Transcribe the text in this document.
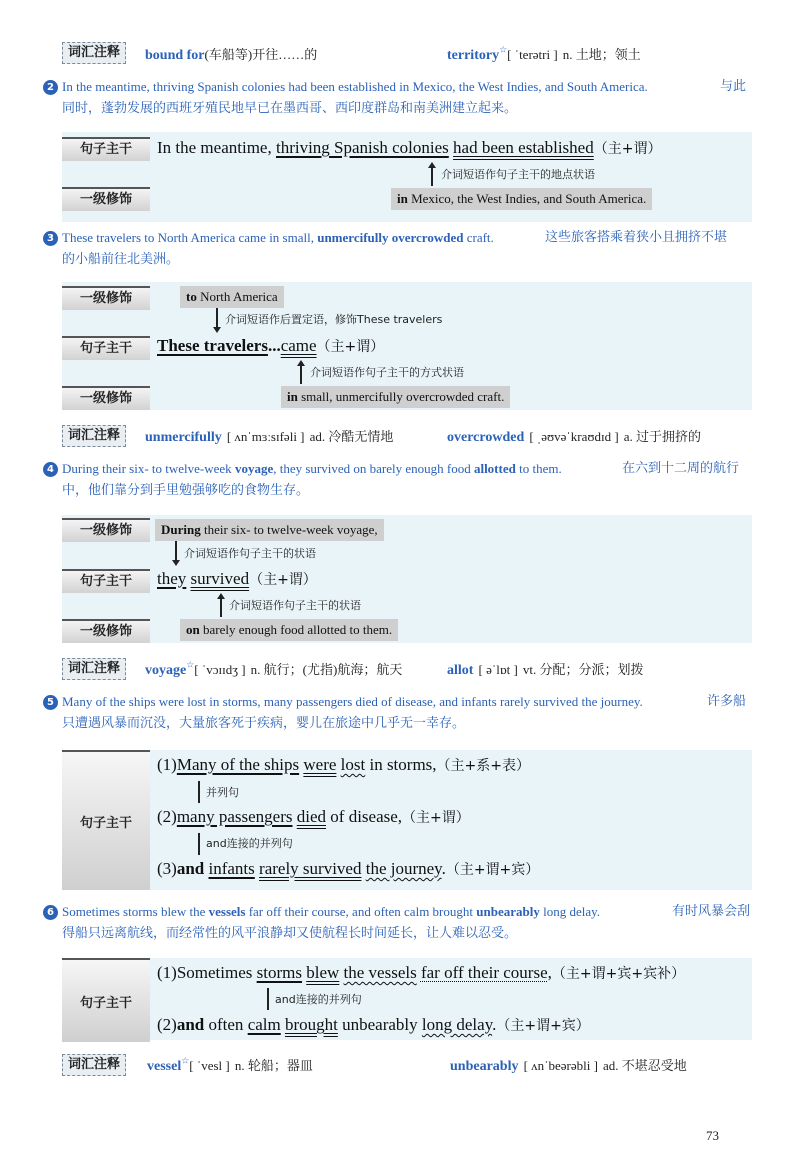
词汇注释	bound for(车船等)开往……的	territory☆[ ˈterətri ] n. 土地；领土
2 In the meantime, thriving Spanish colonies had been established in Mexico, the West Indies, and South America.	与此
同时，蓬勃发展的西班牙殖民地早已在墨西哥、西印度群岛和南美洲建立起来。
句子主干	In the meantime, thriving Spanish colonies had been established（主+谓）
介词短语作句子主干的地点状语
一级修饰	in Mexico, the West Indies, and South America.
3 These travelers to North America came in small, unmercifully overcrowded craft.	这些旅客搭乘着狭小且拥挤不堪
的小船前往北美洲。
一级修饰	to North America
介词短语作后置定语，修饰These travelers
句子主干	These travelers...came（主+谓）
介词短语作句子主干的方式状语
一级修饰	in small, unmercifully overcrowded craft.
词汇注释	unmercifully [ ʌnˈmɜːsɪfəli ] ad. 冷酷无情地	overcrowded [ ˌəʊvəˈkraʊdɪd ] a. 过于拥挤的
4 During their six- to twelve-week voyage, they survived on barely enough food allotted to them.	在六到十二周的航行
中，他们靠分到手里勉强够吃的食物生存。
一级修饰	During their six- to twelve-week voyage,
介词短语作句子主干的状语
句子主干	they survived（主+谓）
介词短语作句子主干的状语
一级修饰	on barely enough food allotted to them.
词汇注释	voyage☆[ ˈvɔɪɪdʒ ] n. 航行；(尤指)航海；航天	allot [ əˈlɒt ] vt. 分配；分派；划拨
5 Many of the ships were lost in storms, many passengers died of disease, and infants rarely survived the journey.	许多船
只遭遇风暴而沉没，大量旅客死于疾病，婴儿在旅途中几乎无一幸存。
句子主干
(1)Many of the ships were lost in storms,（主+系+表）
并列句
(2)many passengers died of disease,（主+谓）
and连接的并列句
(3)and infants rarely survived the journey.（主+谓+宾）
6 Sometimes storms blew the vessels far off their course, and often calm brought unbearably long delay.	有时风暴会刮
得船只远离航线，而经常性的风平浪静却又使航程长时间延长，让人难以忍受。
句子主干
(1)Sometimes storms blew the vessels far off their course,（主+谓+宾+宾补）
and连接的并列句
(2)and often calm brought unbearably long delay.（主+谓+宾）
词汇注释	vessel☆[ ˈvesl ] n. 轮船；器皿	unbearably [ ʌnˈbeərəbli ] ad. 不堪忍受地
73
